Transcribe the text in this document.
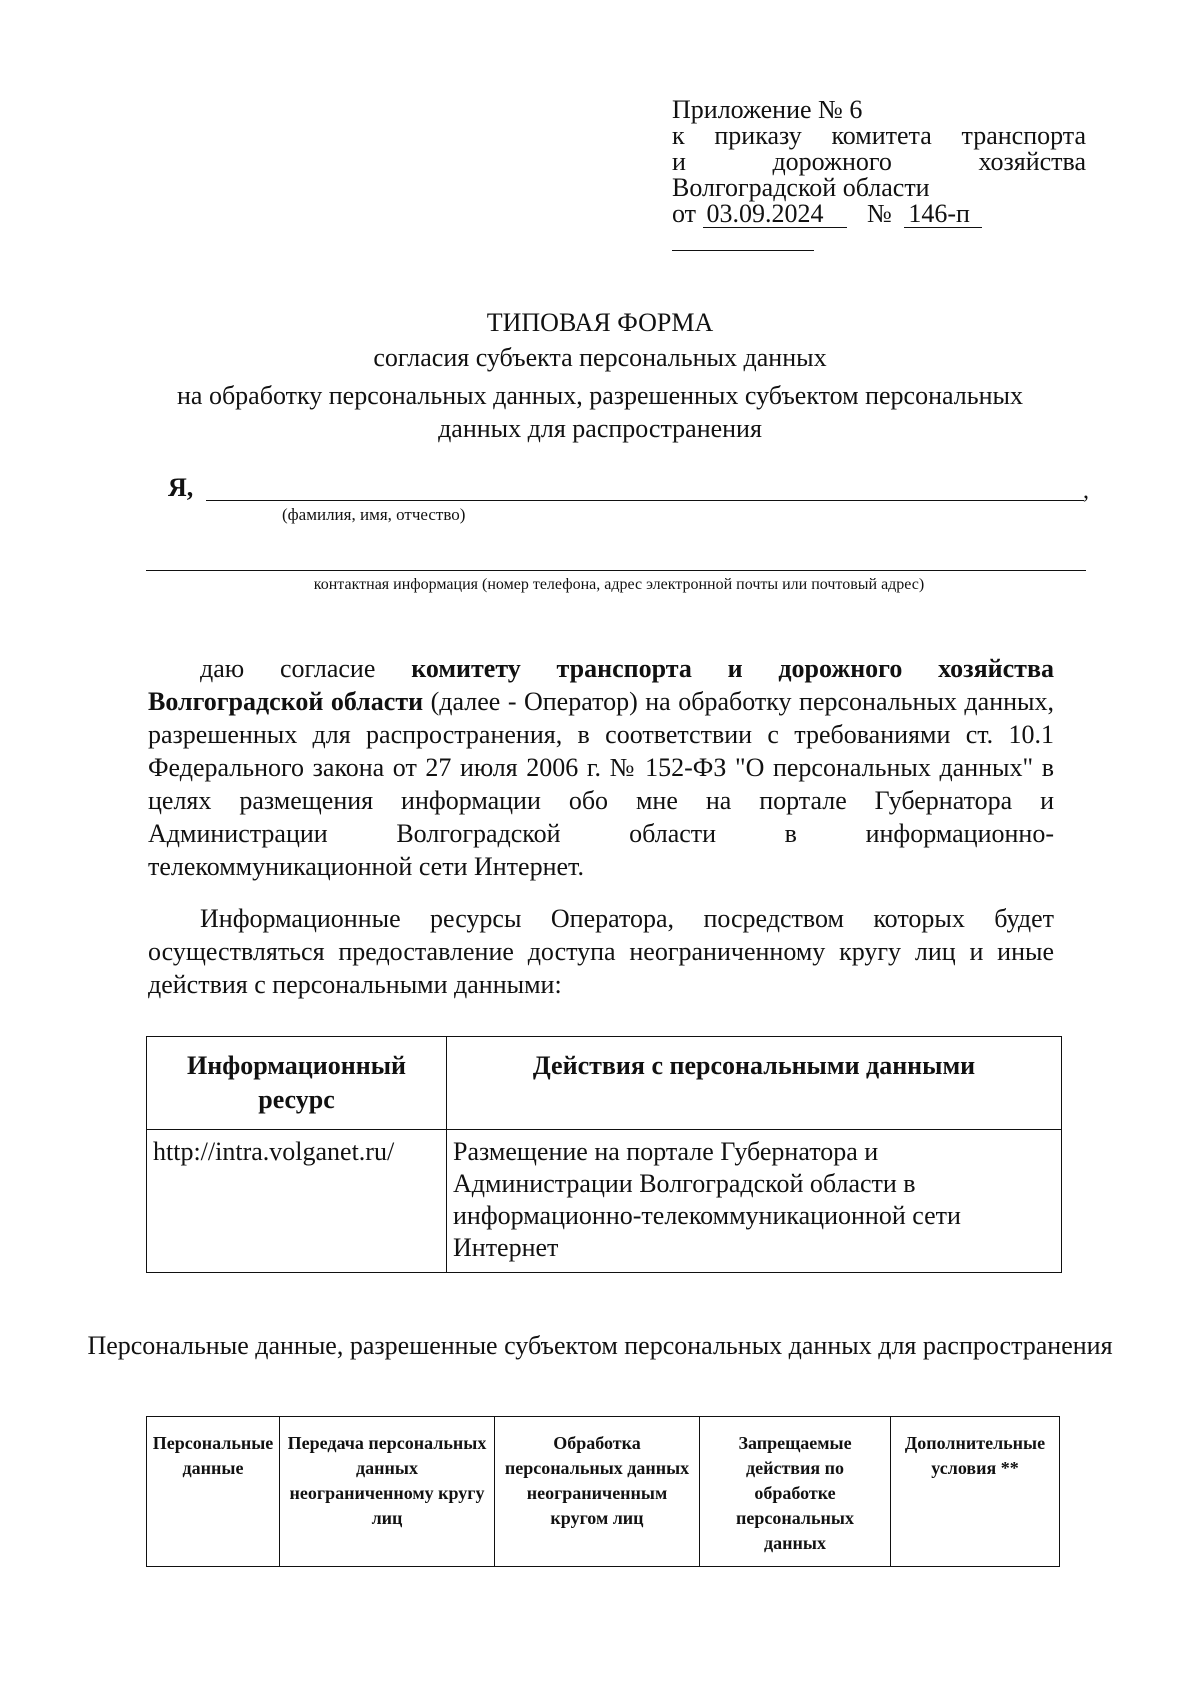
Приложение № 6
к приказу комитета транспорта
и дорожного хозяйства
Волгоградской области
от 03.09.2024 № 146-п
ТИПОВАЯ ФОРМА
согласия субъекта персональных данных
на обработку персональных данных, разрешенных субъектом персональных
данных для распространения
Я,	,
(фамилия, имя, отчество)
контактная информация (номер телефона, адрес электронной почты или почтовый адрес)
даю согласие комитету транспорта и дорожного хозяйства Волгоградской области (далее - Оператор) на обработку персональных данных, разрешенных для распространения, в соответствии с требованиями ст. 10.1 Федерального закона от 27 июля 2006 г. № 152-ФЗ "О персональных данных" в целях размещения информации обо мне на портале Губернатора и Администрации Волгоградской области в информационно-телекоммуникационной сети Интернет.
Информационные ресурсы Оператора, посредством которых будет осуществляться предоставление доступа неограниченному кругу лиц и иные действия с персональными данными:
Информационный ресурс	Действия с персональными данными
http://intra.volganet.ru/	Размещение на портале Губернатора и Администрации Волгоградской области в информационно-телекоммуникационной сети Интернет
Персональные данные, разрешенные субъектом персональных данных для распространения
Персональные данные	Передача персональных данных неограниченному кругу лиц	Обработка персональных данных неограниченным кругом лиц	Запрещаемые действия по обработке персональных данных	Дополнительные условия **
